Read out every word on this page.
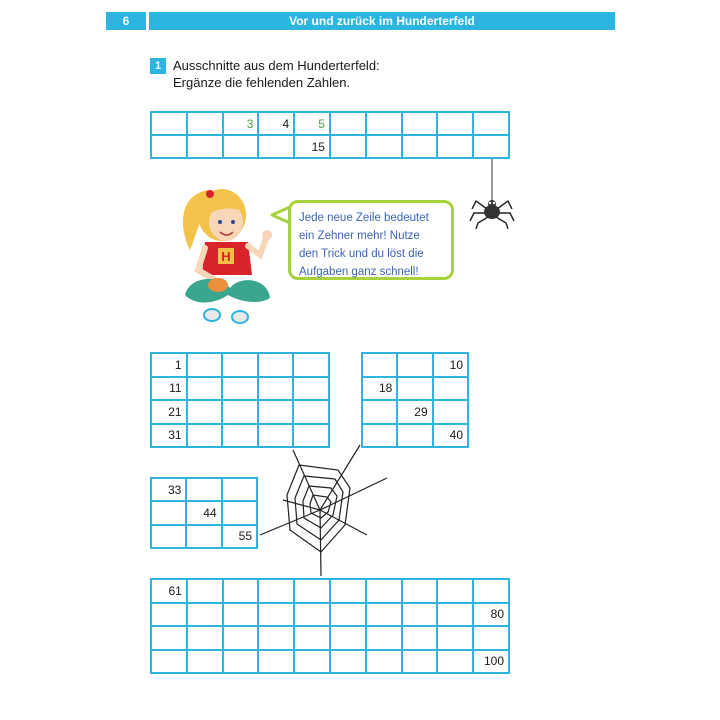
6	Vor und zurück im Hunderterfeld
1 Ausschnitte aus dem Hunderterfeld:
Ergänze die fehlenden Zahlen.
		3	4	5					
				15					
H
Jede neue Zeile bedeutet
ein Zehner mehr! Nutze
den Trick und du löst die
Aufgaben ganz schnell!
1				
11				
21				
31				
		10
18		
	29	
		40
33		
	44	
		55
61									
									80

									100
